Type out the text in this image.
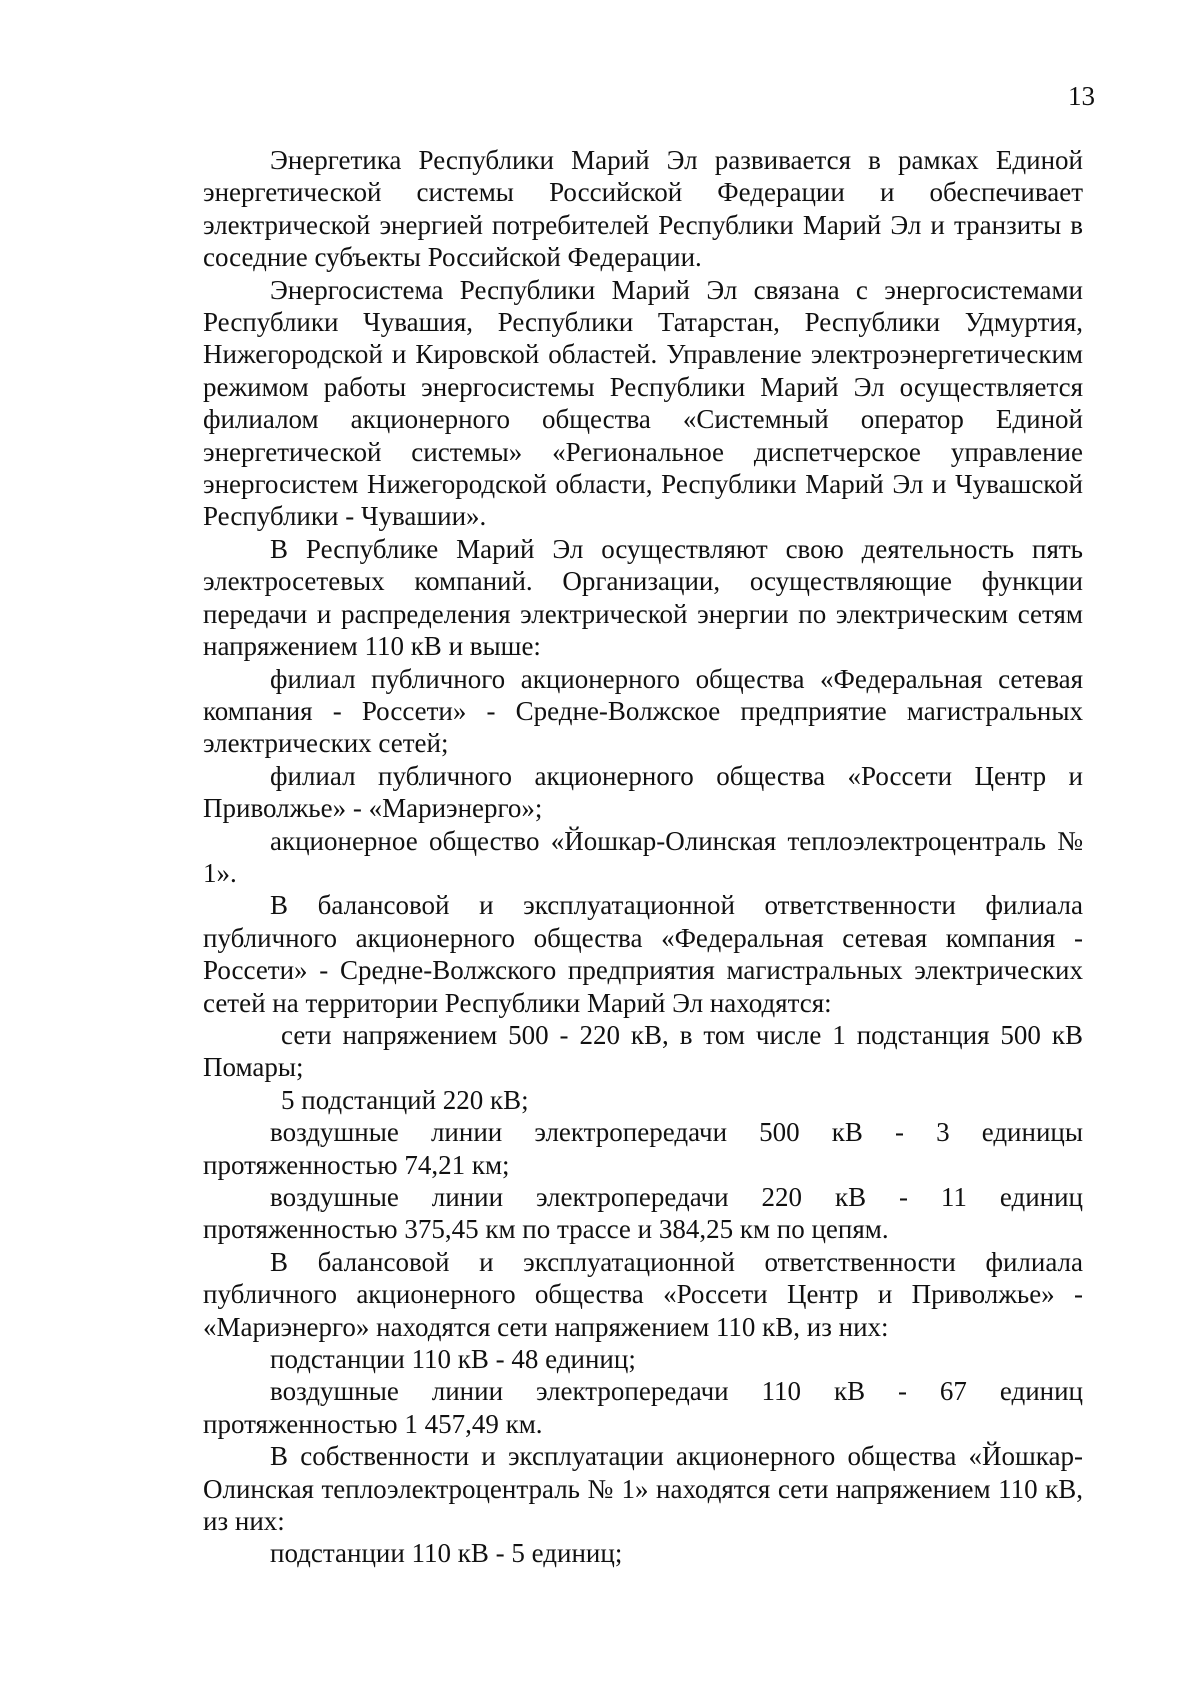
13

Энергетика Республики Марий Эл развивается в рамках Единой энергетической системы Российской Федерации и обеспечивает электрической энергией потребителей Республики Марий Эл и транзиты в соседние субъекты Российской Федерации.

Энергосистема Республики Марий Эл связана с энергосистемами Республики Чувашия, Республики Татарстан, Республики Удмуртия, Нижегородской и Кировской областей. Управление электроэнергетическим режимом работы энергосистемы Республики Марий Эл осуществляется филиалом акционерного общества «Системный оператор Единой энергетической системы» «Региональное диспетчерское управление энергосистем Нижегородской области, Республики Марий Эл и Чувашской Республики - Чувашии».

В Республике Марий Эл осуществляют свою деятельность пять электросетевых компаний. Организации, осуществляющие функции передачи и распределения электрической энергии по электрическим сетям напряжением 110 кВ и выше:

филиал публичного акционерного общества «Федеральная сетевая компания - Россети» - Средне-Волжское предприятие магистральных электрических сетей;

филиал публичного акционерного общества «Россети Центр и Приволжье» - «Мариэнерго»;

акционерное общество «Йошкар-Олинская теплоэлектроцентраль № 1».

В балансовой и эксплуатационной ответственности филиала публичного акционерного общества «Федеральная сетевая компания - Россети» - Средне-Волжского предприятия магистральных электрических сетей на территории Республики Марий Эл находятся:

сети напряжением 500 - 220 кВ, в том числе 1 подстанция 500 кВ Помары;

5 подстанций 220 кВ;

воздушные линии электропередачи 500 кВ - 3 единицы протяженностью 74,21 км;

воздушные линии электропередачи 220 кВ - 11 единиц протяженностью 375,45 км по трассе и 384,25 км по цепям.

В балансовой и эксплуатационной ответственности филиала публичного акционерного общества «Россети Центр и Приволжье» - «Мариэнерго» находятся сети напряжением 110 кВ, из них:

подстанции 110 кВ - 48 единиц;

воздушные линии электропередачи 110 кВ - 67 единиц протяженностью 1 457,49 км.

В собственности и эксплуатации акционерного общества «Йошкар-Олинская теплоэлектроцентраль № 1» находятся сети напряжением 110 кВ, из них:

подстанции 110 кВ - 5 единиц;
